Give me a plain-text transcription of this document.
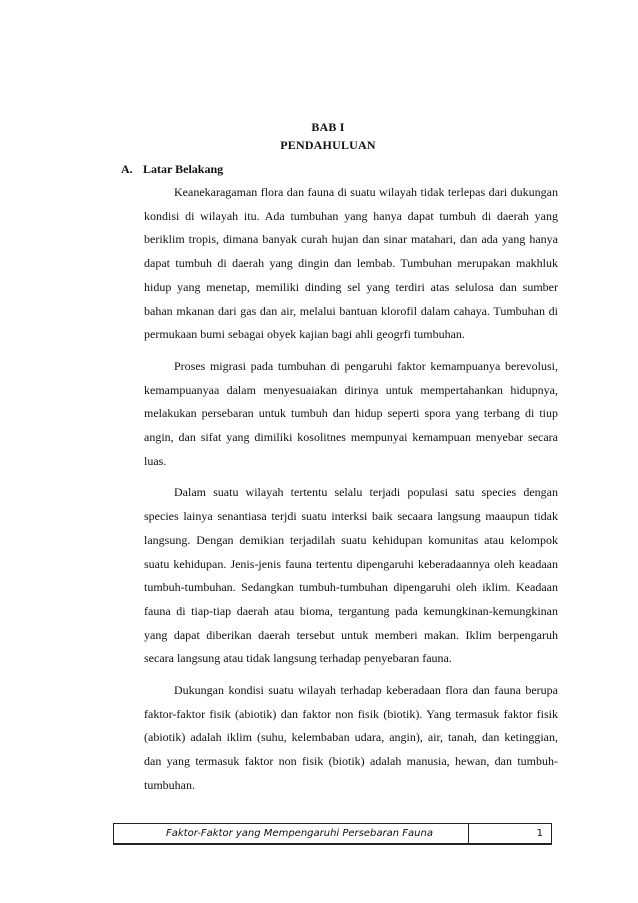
BAB I
PENDAHULUAN
A. Latar Belakang

Keanekaragaman flora dan fauna di suatu wilayah tidak terlepas dari dukungan kondisi di wilayah itu. Ada tumbuhan yang hanya dapat tumbuh di daerah yang beriklim tropis, dimana banyak curah hujan dan sinar matahari, dan ada yang hanya dapat tumbuh di daerah yang dingin dan lembab. Tumbuhan merupakan makhluk hidup yang menetap, memiliki dinding sel yang terdiri atas selulosa dan sumber bahan mkanan dari gas dan air, melalui bantuan klorofil dalam cahaya. Tumbuhan di permukaan bumi sebagai obyek kajian bagi ahli geogrfi tumbuhan.

Proses migrasi pada tumbuhan di pengaruhi faktor kemampuanya berevolusi, kemampuanyaa dalam menyesuaiakan dirinya untuk mempertahankan hidupnya, melakukan persebaran untuk tumbuh dan hidup seperti spora yang terbang di tiup angin, dan sifat yang dimiliki kosolitnes mempunyai kemampuan menyebar secara luas.

Dalam suatu wilayah tertentu selalu terjadi populasi satu species dengan species lainya senantiasa terjdi suatu interksi baik secaara langsung maaupun tidak langsung. Dengan demikian terjadilah suatu kehidupan komunitas atau kelompok suatu kehidupan. Jenis-jenis fauna tertentu dipengaruhi keberadaannya oleh keadaan tumbuh-tumbuhan. Sedangkan tumbuh-tumbuhan dipengaruhi oleh iklim. Keadaan fauna di tiap-tiap daerah atau bioma, tergantung pada kemungkinan-kemungkinan yang dapat diberikan daerah tersebut untuk memberi makan. Iklim berpengaruh secara langsung atau tidak langsung terhadap penyebaran fauna.

Dukungan kondisi suatu wilayah terhadap keberadaan flora dan fauna berupa faktor-faktor fisik (abiotik) dan faktor non fisik (biotik). Yang termasuk faktor fisik (abiotik) adalah iklim (suhu, kelembaban udara, angin), air, tanah, dan ketinggian, dan yang termasuk faktor non fisik (biotik) adalah manusia, hewan, dan tumbuh-tumbuhan.

Faktor-Faktor yang Mempengaruhi Persebaran Fauna	1
